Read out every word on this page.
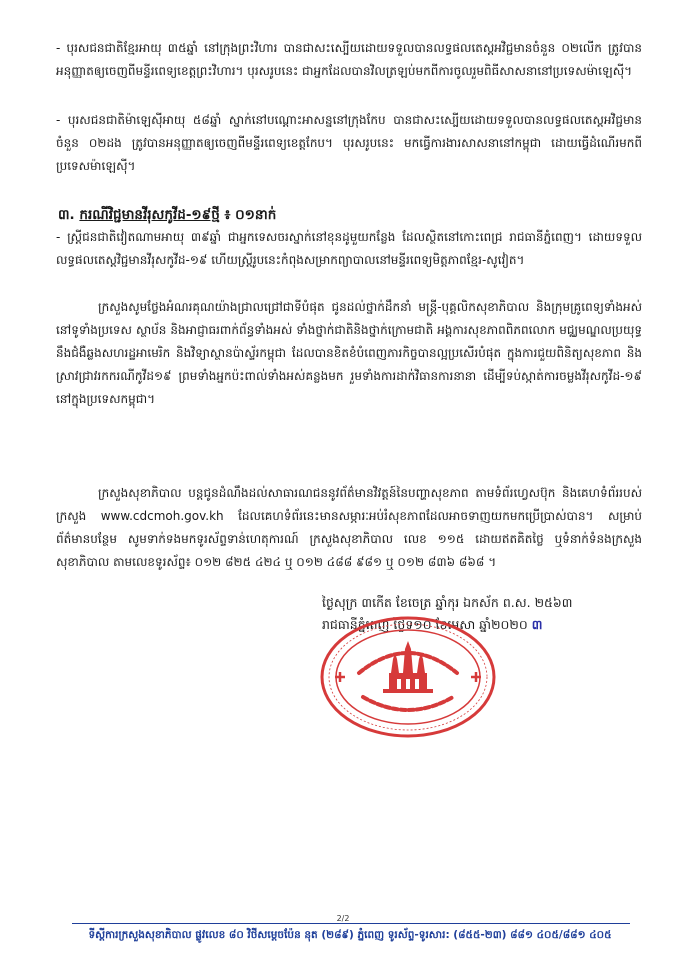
- បុរសជនជាតិខ្មែរអាយុ ៣៥ឆ្នាំ នៅក្រុងព្រះវិហារ បានជាសះស្បើយដោយទទួលបានលទ្ធផលតេស្តអវិជ្ជមានចំនួន ០២លើក ត្រូវបានអនុញ្ញាតឲ្យចេញពីមន្ទីរពេទ្យខេត្តព្រះវិហារ។ បុរសរូបនេះ ជាអ្នកដែលបានវិលត្រឡប់មកពីការចូលរួមពិធីសាសនានៅប្រទេសម៉ាឡេស៊ី។

- បុរសជនជាតិម៉ាឡេស៊ីអាយុ ៥៨ឆ្នាំ ស្នាក់នៅបណ្ដោះអាសន្ននៅក្រុងកែប បានជាសះស្បើយដោយទទួលបានលទ្ធផលតេស្តអវិជ្ជមានចំនួន ០២ដង ត្រូវបានអនុញ្ញាតឲ្យចេញពីមន្ទីរពេទ្យខេត្តកែប។ បុរសរូបនេះ មកធ្វើការងារសាសនានៅកម្ពុជា ដោយធ្វើដំណើរមកពីប្រទេសម៉ាឡេស៊ី។

៣. ករណីវិជ្ជមានវីរុសកូវីដ-១៩ថ្មី ៖ ០១នាក់

- ស្ត្រីជនជាតិវៀតណាមអាយុ ៣៩ឆ្នាំ ជាអ្នកទេសចរស្នាក់នៅខុនដូមួយកន្លែង ដែលស្ថិតនៅកោះពេជ្រ រាជធានីភ្នំពេញ។ ដោយទទួលលទ្ធផលតេស្តវិជ្ជមានវីរុសកូវីដ-១៩ ហើយស្ត្រីរូបនេះកំពុងសម្រាកព្យាបាលនៅមន្ទីរពេទ្យមិត្តភាពខ្មែរ-សូវៀត។

ក្រសួងសូមថ្លែងអំណរគុណយ៉ាងជ្រាលជ្រៅជាទីបំផុត ជូនដល់ថ្នាក់ដឹកនាំ មន្ត្រី-បុគ្គលិកសុខាភិបាល និងក្រុមគ្រូពេទ្យទាំងអស់នៅទូទាំងប្រទេស ស្ថាប័ន និងអាជ្ញាធរពាក់ព័ន្ធទាំងអស់ ទាំងថ្នាក់ជាតិនិងថ្នាក់ក្រោមជាតិ អង្គការសុខភាពពិភពលោក មជ្ឈមណ្ឌលប្រយុទ្ធនឹងជំងឺឆ្លងសហរដ្ឋអាមេរិក និងវិទ្យាស្ថានប៉ាស្ទ័រកម្ពុជា ដែលបានខិតខំបំពេញភារកិច្ចបានល្អប្រសើរបំផុត ក្នុងការជួយពិនិត្យសុខភាព និងស្រាវជ្រាវរកករណីកូវីដ១៩ ព្រមទាំងអ្នកប៉ះពាល់ទាំងអស់គន្លងមក រួមទាំងការដាក់វិធានការនានា ដើម្បីទប់ស្កាត់ការចម្លងវីរុសកូវីដ-១៩ នៅក្នុងប្រទេសកម្ពុជា។

ក្រសួងសុខាភិបាល បន្តជូនដំណឹងដល់សាធារណជននូវព័ត៌មានវិវត្តន៍នៃបញ្ហាសុខភាព តាមទំព័រហ្វេសប៊ុក និងគេហទំព័ររបស់ក្រសួង www.cdcmoh.gov.kh ដែលគេហទំព័រនេះមានសម្ភារៈអប់រំសុខភាពដែលអាចទាញយកមកប្រើប្រាស់បាន។ សម្រាប់ព័ត៌មានបន្ថែម សូមទាក់ទងមកទូរស័ព្ទទាន់ហេតុការណ៍ ក្រសួងសុខាភិបាល លេខ ១១៥ ដោយឥតគិតថ្លៃ ឬទំនាក់ទំនងក្រសួងសុខាភិបាល តាមលេខទូរស័ព្ទ៖ ០១២ ៨២៥ ៤២៤ ឬ ០១២ ៤៨៨ ៩៨១ ឬ ០១២ ៨៣៦ ៨៦៨ ។

ថ្ងៃសុក្រ ៣កើត ខែចេត្រ ឆ្នាំកុរ ឯកស័ក ព.ស. ២៥៦៣
រាជធានីភ្នំពេញ ថ្ងៃទី១០ ខែមេសា ឆ្នាំ២០២០ ៣
2/2
ទីស្តីការក្រសួងសុខាភិបាល ផ្លូវលេខ ៨០ វិថីសម្តេចប៉ែន នុត (២៨៩) ភ្នំពេញ ទូរស័ព្ទ-ទូរសារ: (៨៥៥-២៣) ៨៨១ ៤០៥/៨៨១ ៤០៥
